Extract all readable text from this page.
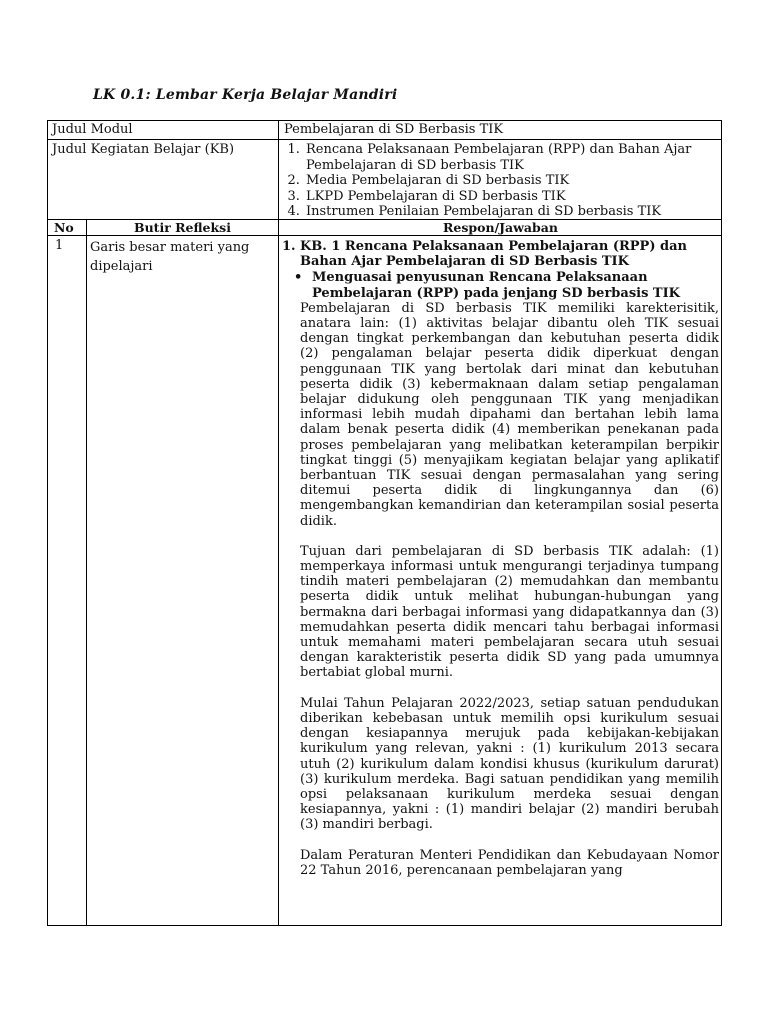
LK 0.1: Lembar Kerja Belajar Mandiri
Judul Modul	Pembelajaran di SD Berbasis TIK
Judul Kegiatan Belajar (KB)
1.	Rencana Pelaksanaan Pembelajaran (RPP) dan Bahan Ajar Pembelajaran di SD berbasis TIK
2. Media Pembelajaran di SD berbasis TIK
3. LKPD Pembelajaran di SD berbasis TIK
4. Instrumen Penilaian Pembelajaran di SD berbasis TIK
No	Butir Refleksi	Respon/Jawaban
1 Garis besar materi yang dipelajari
1. KB. 1 Rencana Pelaksanaan Pembelajaran (RPP) dan Bahan Ajar Pembelajaran di SD Berbasis TIK
• Menguasai penyusunan Rencana Pelaksanaan Pembelajaran (RPP) pada jenjang SD berbasis TIK

Pembelajaran di SD berbasis TIK memiliki karekterisitik, anatara lain: (1) aktivitas belajar dibantu oleh TIK sesuai dengan tingkat perkembangan dan kebutuhan peserta didik (2) pengalaman belajar peserta didik diperkuat dengan penggunaan TIK yang bertolak dari minat dan kebutuhan peserta didik (3) kebermaknaan dalam setiap pengalaman belajar didukung oleh penggunaan TIK yang menjadikan informasi lebih mudah dipahami dan bertahan lebih lama dalam benak peserta didik (4) memberikan penekanan pada proses pembelajaran yang melibatkan keterampilan berpikir tingkat tinggi (5) menyajikam kegiatan belajar yang aplikatif berbantuan TIK sesuai dengan permasalahan yang sering ditemui peserta didik di lingkungannya dan (6) mengembangkan kemandirian dan keterampilan sosial peserta didik.

Tujuan dari pembelajaran di SD berbasis TIK adalah: (1) memperkaya informasi untuk mengurangi terjadinya tumpang tindih materi pembelajaran (2) memudahkan dan membantu peserta didik untuk melihat hubungan-hubungan yang bermakna dari berbagai informasi yang didapatkannya dan (3) memudahkan peserta didik mencari tahu berbagai informasi untuk memahami materi pembelajaran secara utuh sesuai dengan karakteristik peserta didik SD yang pada umumnya bertabiat global murni.

Mulai Tahun Pelajaran 2022/2023, setiap satuan pendudukan diberikan kebebasan untuk memilih opsi kurikulum sesuai dengan kesiapannya merujuk pada kebijakan-kebijakan kurikulum yang relevan, yakni : (1) kurikulum 2013 secara utuh (2) kurikulum dalam kondisi khusus (kurikulum darurat) (3) kurikulum merdeka. Bagi satuan pendidikan yang memilih opsi pelaksanaan kurikulum merdeka sesuai dengan kesiapannya, yakni : (1) mandiri belajar (2) mandiri berubah (3) mandiri berbagi.

Dalam Peraturan Menteri Pendidikan dan Kebudayaan Nomor 22 Tahun 2016, perencanaan pembelajaran yang
